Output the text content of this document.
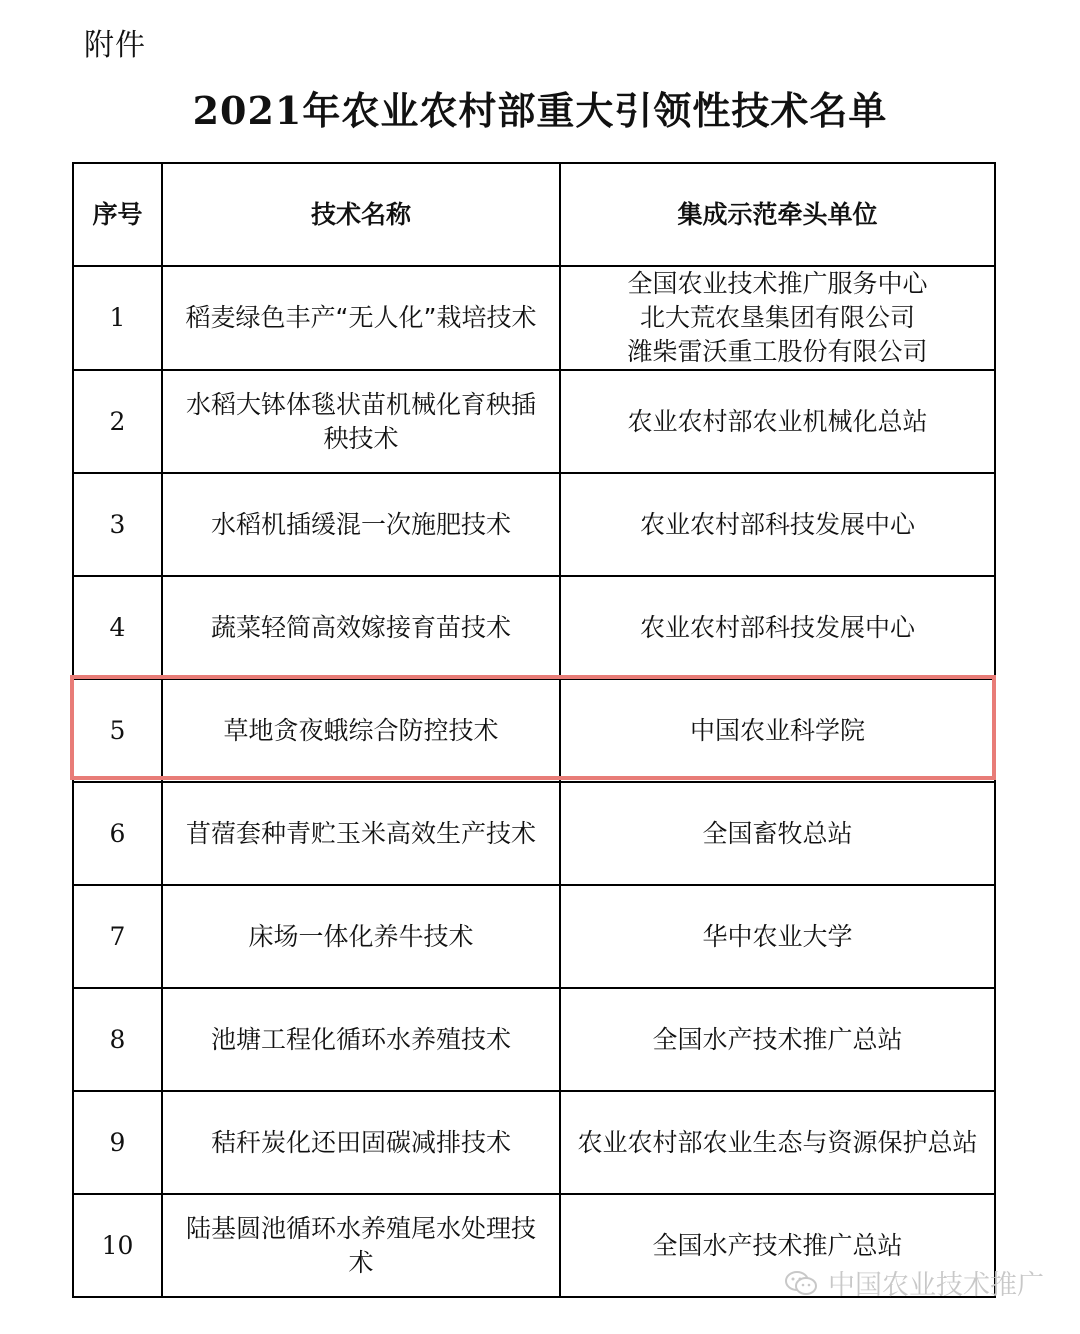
附件
2021年农业农村部重大引领性技术名单
序号	技术名称	集成示范牵头单位
1	稻麦绿色丰产“无人化”栽培技术	全国农业技术推广服务中心
北大荒农垦集团有限公司
潍柴雷沃重工股份有限公司

2	水稻大钵体毯状苗机械化育秧插秧技术	农业农村部农业机械化总站

3	水稻机插缓混一次施肥技术	农业农村部科技发展中心

4	蔬菜轻简高效嫁接育苗技术	农业农村部科技发展中心

5	草地贪夜蛾综合防控技术	中国农业科学院

6	苜蓿套种青贮玉米高效生产技术	全国畜牧总站

7	床场一体化养牛技术	华中农业大学

8	池塘工程化循环水养殖技术	全国水产技术推广总站

9	秸秆炭化还田固碳减排技术	农业农村部农业生态与资源保护总站

10	陆基圆池循环水养殖尾水处理技术	全国水产技术推广总站
中国农业技术推广
